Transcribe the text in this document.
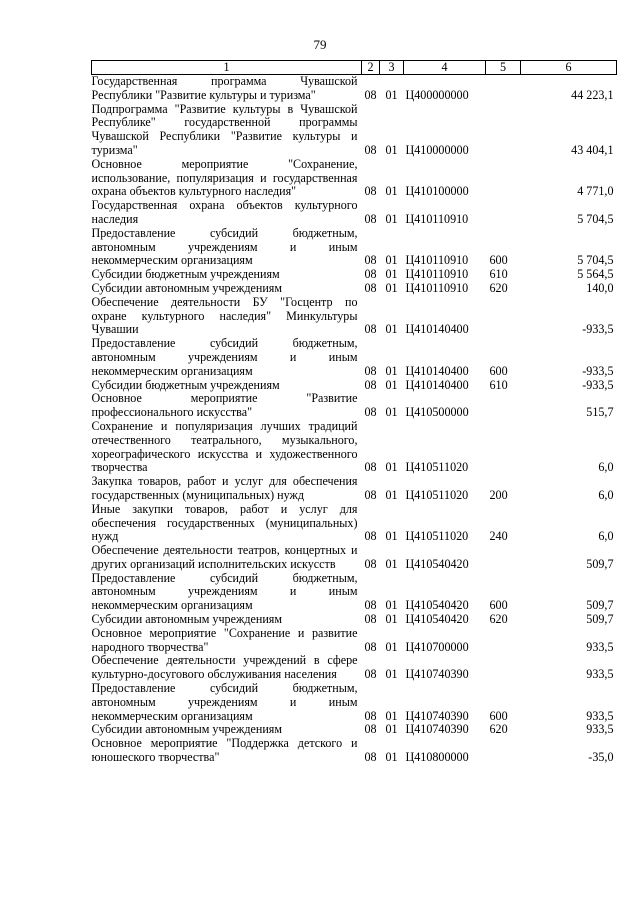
79
1	2	3	4	5	6
Государственная программа Чувашской Республики "Развитие культуры и туризма"	08	01	Ц400000000		44 223,1
Подпрограмма "Развитие культуры в Чувашской Республике" государственной программы Чувашской Республики "Развитие культуры и туризма"	08	01	Ц410000000		43 404,1
Основное мероприятие "Сохранение, использование, популяризация и государственная охрана объектов культурного наследия"	08	01	Ц410100000		4 771,0
Государственная охрана объектов культурного наследия	08	01	Ц410110910		5 704,5
Предоставление субсидий бюджетным, автономным учреждениям и иным некоммерческим организациям	08	01	Ц410110910	600	5 704,5
Субсидии бюджетным учреждениям	08	01	Ц410110910	610	5 564,5
Субсидии автономным учреждениям	08	01	Ц410110910	620	140,0
Обеспечение деятельности БУ "Госцентр по охране культурного наследия" Минкультуры Чувашии	08	01	Ц410140400		-933,5
Предоставление субсидий бюджетным, автономным учреждениям и иным некоммерческим организациям	08	01	Ц410140400	600	-933,5
Субсидии бюджетным учреждениям	08	01	Ц410140400	610	-933,5
Основное мероприятие "Развитие профессионального искусства"	08	01	Ц410500000		515,7
Сохранение и популяризация лучших традиций отечественного театрального, музыкального, хореографического искусства и художественного творчества	08	01	Ц410511020		6,0
Закупка товаров, работ и услуг для обеспечения государственных (муниципальных) нужд	08	01	Ц410511020	200	6,0
Иные закупки товаров, работ и услуг для обеспечения государственных (муниципальных) нужд	08	01	Ц410511020	240	6,0
Обеспечение деятельности театров, концертных и других организаций исполнительских искусств	08	01	Ц410540420		509,7
Предоставление субсидий бюджетным, автономным учреждениям и иным некоммерческим организациям	08	01	Ц410540420	600	509,7
Субсидии автономным учреждениям	08	01	Ц410540420	620	509,7
Основное мероприятие "Сохранение и развитие народного творчества"	08	01	Ц410700000		933,5
Обеспечение деятельности учреждений в сфере культурно-досугового обслуживания населения	08	01	Ц410740390		933,5
Предоставление субсидий бюджетным, автономным учреждениям и иным некоммерческим организациям	08	01	Ц410740390	600	933,5
Субсидии автономным учреждениям	08	01	Ц410740390	620	933,5
Основное мероприятие "Поддержка детского и юношеского творчества"	08	01	Ц410800000		-35,0
